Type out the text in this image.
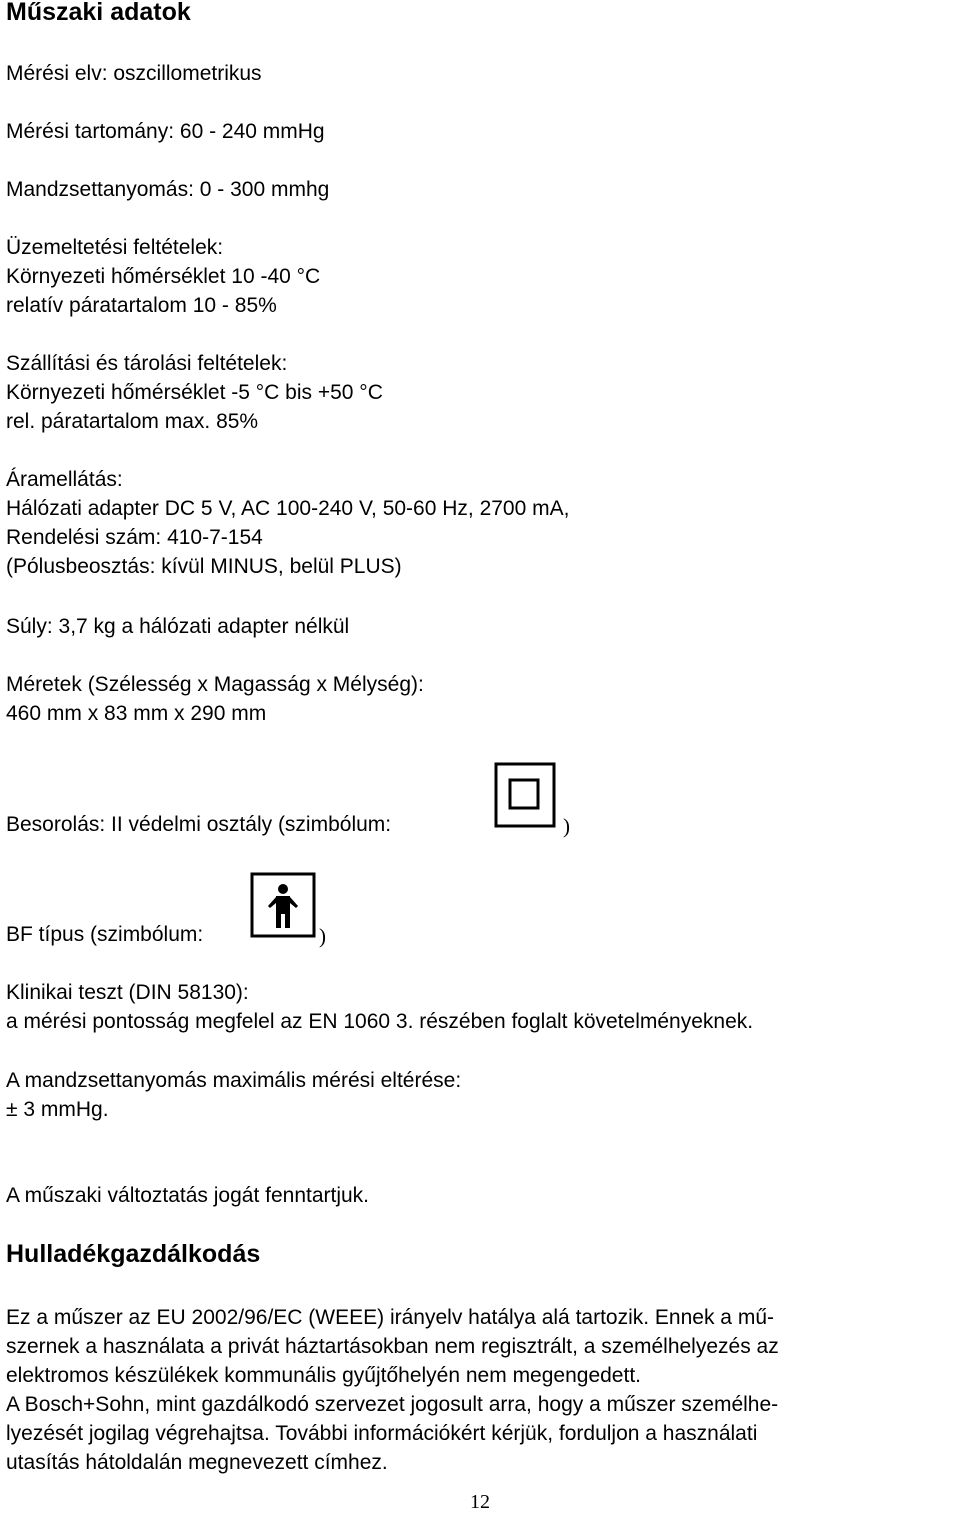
Műszaki adatok
Mérési elv: oszcillometrikus
Mérési tartomány: 60 - 240 mmHg
Mandzsettanyomás: 0 - 300 mmhg
Üzemeltetési feltételek:
Környezeti hőmérséklet 10 -40 °C
relatív páratartalom 10 - 85%
Szállítási és tárolási feltételek:
Környezeti hőmérséklet -5 °C bis +50 °C
rel. páratartalom max. 85%
Áramellátás:
Hálózati adapter DC 5 V, AC 100-240 V, 50-60 Hz, 2700 mA,
Rendelési szám: 410-7-154
(Pólusbeosztás: kívül MINUS, belül PLUS)
Súly: 3,7 kg a hálózati adapter nélkül
Méretek (Szélesség x Magasság x Mélység):
460 mm x 83 mm x 290 mm
Besorolás: II védelmi osztály (szimbólum:	)
BF típus (szimbólum:	)
Klinikai teszt (DIN 58130):
a mérési pontosság megfelel az EN 1060 3. részében foglalt követelményeknek.
A mandzsettanyomás maximális mérési eltérése:
± 3 mmHg.
A műszaki változtatás jogát fenntartjuk.
Hulladékgazdálkodás
Ez a műszer az EU 2002/96/EC (WEEE) irányelv hatálya alá tartozik. Ennek a mű-
szernek a használata a privát háztartásokban nem regisztrált, a személhelyezés az
elektromos készülékek kommunális gyűjtőhelyén nem megengedett.
A Bosch+Sohn, mint gazdálkodó szervezet jogosult arra, hogy a műszer személhe-
lyezését jogilag végrehajtsa. További információkért kérjük, forduljon a használati
utasítás hátoldalán megnevezett címhez.
12
